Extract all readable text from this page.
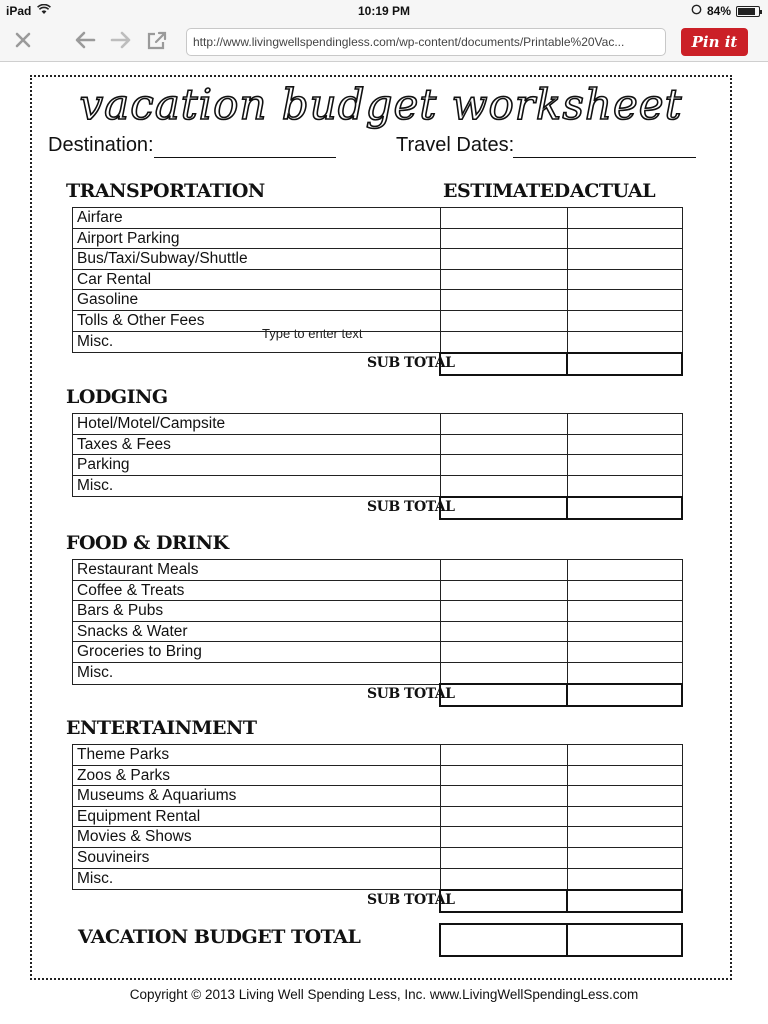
iPad	10:19 PM	84%
http://www.livingwellspendingless.com/wp-content/documents/Printable%20Vac...	Pin it
vacation budget worksheet
Destination:	Travel Dates:
ESTIMATED ACTUAL
TRANSPORTATION
Airfare
Airport Parking
Bus/Taxi/Subway/Shuttle
Car Rental
Gasoline
Tolls & Other Fees
Misc.
SUB TOTAL
LODGING
Hotel/Motel/Campsite
Taxes & Fees
Parking
Misc.
SUB TOTAL
FOOD & DRINK
Restaurant Meals
Coffee & Treats
Bars & Pubs
Snacks & Water
Groceries to Bring
Misc.
SUB TOTAL
ENTERTAINMENT
Theme Parks
Zoos & Parks
Museums & Aquariums
Equipment Rental
Movies & Shows
Souvineirs
Misc.
SUB TOTAL
Type to enter text
VACATION BUDGET TOTAL
Copyright © 2013 Living Well Spending Less, Inc. www.LivingWellSpendingLess.com
